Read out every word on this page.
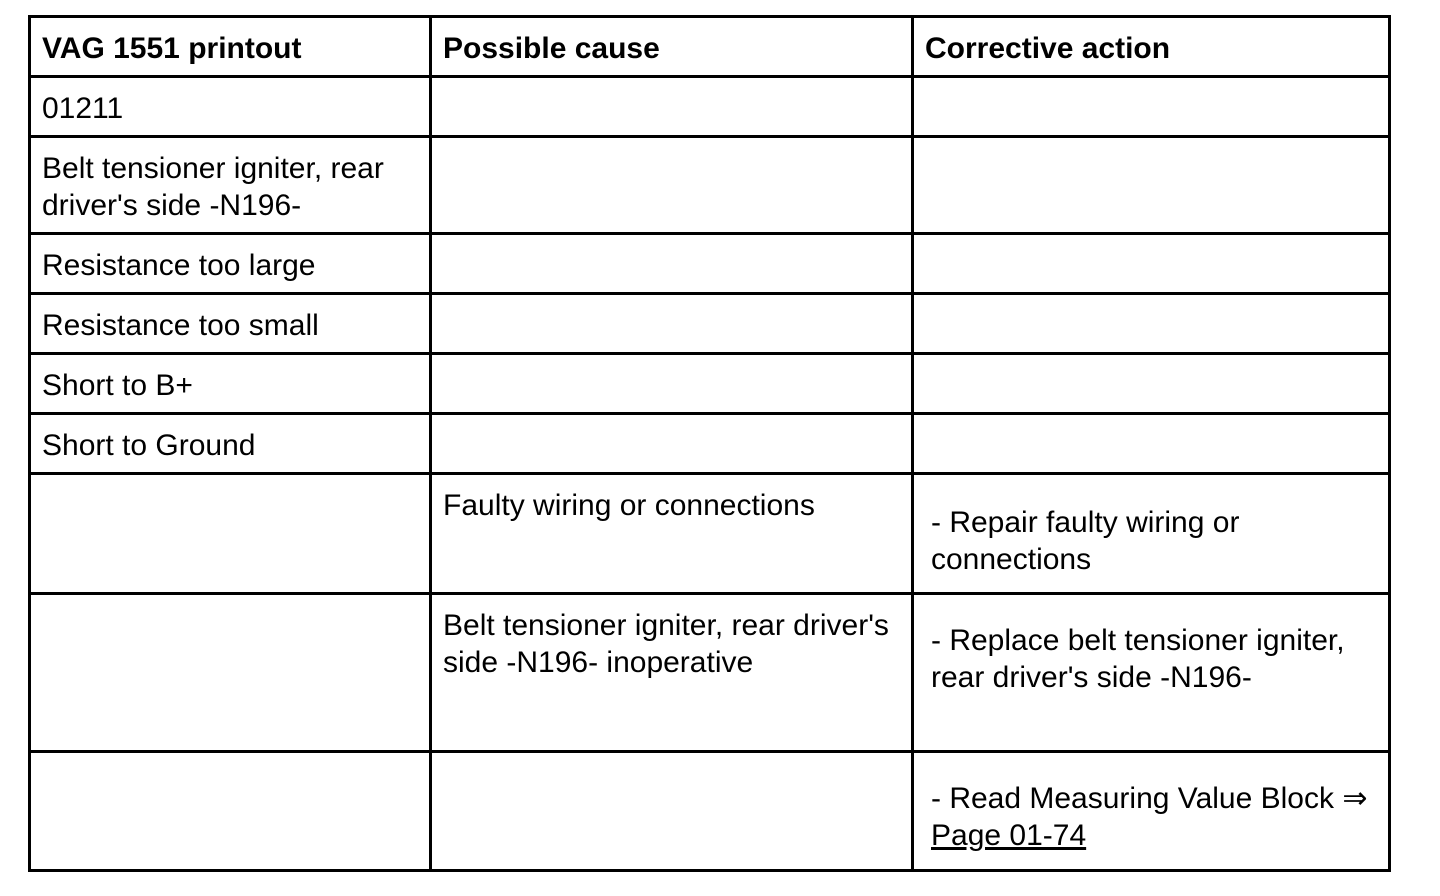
VAG 1551 printout	Possible cause	Corrective action
01211		
Belt tensioner igniter, rear driver's side -N196-		
Resistance too large		
Resistance too small		
Short to B+		
Short to Ground		
	Faulty wiring or connections	- Repair faulty wiring or connections
	Belt tensioner igniter, rear driver's side -N196- inoperative	- Replace belt tensioner igniter, rear driver's side -N196-
		- Read Measuring Value Block ⇒ Page 01-74
